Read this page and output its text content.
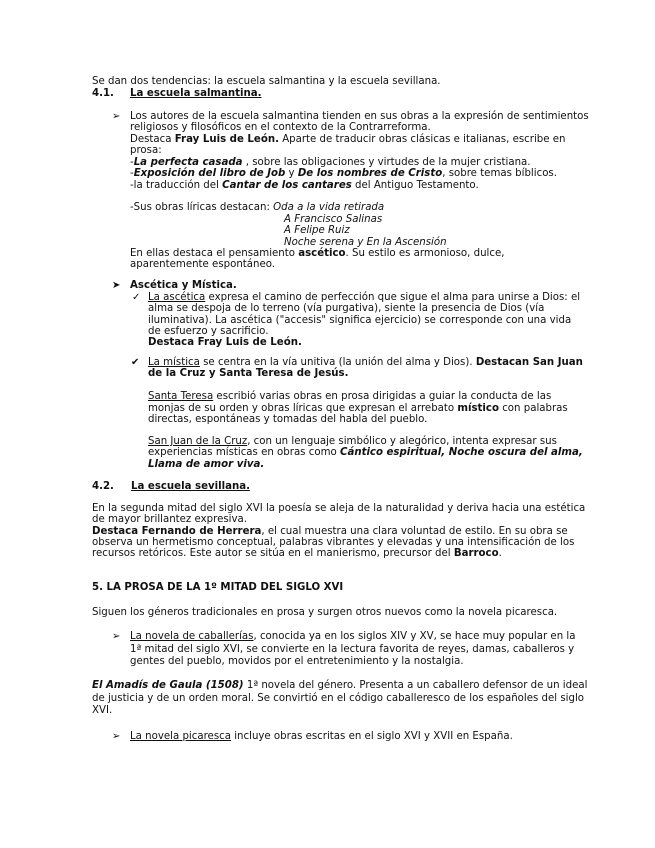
Se dan dos tendencias: la escuela salmantina y la escuela sevillana.
4.1. La escuela salmantina.
➢ Los autores de la escuela salmantina tienden en sus obras a la expresión de sentimientos
religiosos y filosóficos en el contexto de la Contrarreforma.
Destaca Fray Luis de León. Aparte de traducir obras clásicas e italianas, escribe en
prosa:
-La perfecta casada , sobre las obligaciones y virtudes de la mujer cristiana.
-Exposición del libro de Job y De los nombres de Cristo, sobre temas bíblicos.
-la traducción del Cantar de los cantares del Antiguo Testamento.
-Sus obras líricas destacan: Oda a la vida retirada
A Francisco Salinas
A Felipe Ruiz
Noche serena y En la Ascensión
En ellas destaca el pensamiento ascético. Su estilo es armonioso, dulce,
aparentemente espontáneo.
➤ Ascética y Mística.
✓ La ascética expresa el camino de perfección que sigue el alma para unirse a Dios: el
alma se despoja de lo terreno (vía purgativa), siente la presencia de Dios (vía
iluminativa). La ascética ("accesis" significa ejercicio) se corresponde con una vida
de esfuerzo y sacrificio.
Destaca Fray Luis de León.
✔ La mística se centra en la vía unitiva (la unión del alma y Dios). Destacan San Juan
de la Cruz y Santa Teresa de Jesús.
Santa Teresa escribió varias obras en prosa dirigidas a guiar la conducta de las
monjas de su orden y obras líricas que expresan el arrebato místico con palabras
directas, espontáneas y tomadas del habla del pueblo.
San Juan de la Cruz, con un lenguaje simbólico y alegórico, intenta expresar sus
experiencias místicas en obras como Cántico espiritual, Noche oscura del alma,
Llama de amor viva.
4.2. La escuela sevillana.
En la segunda mitad del siglo XVI la poesía se aleja de la naturalidad y deriva hacia una estética
de mayor brillantez expresiva.
Destaca Fernando de Herrera, el cual muestra una clara voluntad de estilo. En su obra se
observa un hermetismo conceptual, palabras vibrantes y elevadas y una intensificación de los
recursos retóricos. Este autor se sitúa en el manierismo, precursor del Barroco.
5. LA PROSA DE LA 1º MITAD DEL SIGLO XVI
Siguen los géneros tradicionales en prosa y surgen otros nuevos como la novela picaresca.
➢ La novela de caballerías, conocida ya en los siglos XIV y XV, se hace muy popular en la
1ª mitad del siglo XVI, se convierte en la lectura favorita de reyes, damas, caballeros y
gentes del pueblo, movidos por el entretenimiento y la nostalgia.
El Amadís de Gaula (1508) 1ª novela del género. Presenta a un caballero defensor de un ideal
de justicia y de un orden moral. Se convirtió en el código caballeresco de los españoles del siglo
XVI.
➢ La novela picaresca incluye obras escritas en el siglo XVI y XVII en España.
